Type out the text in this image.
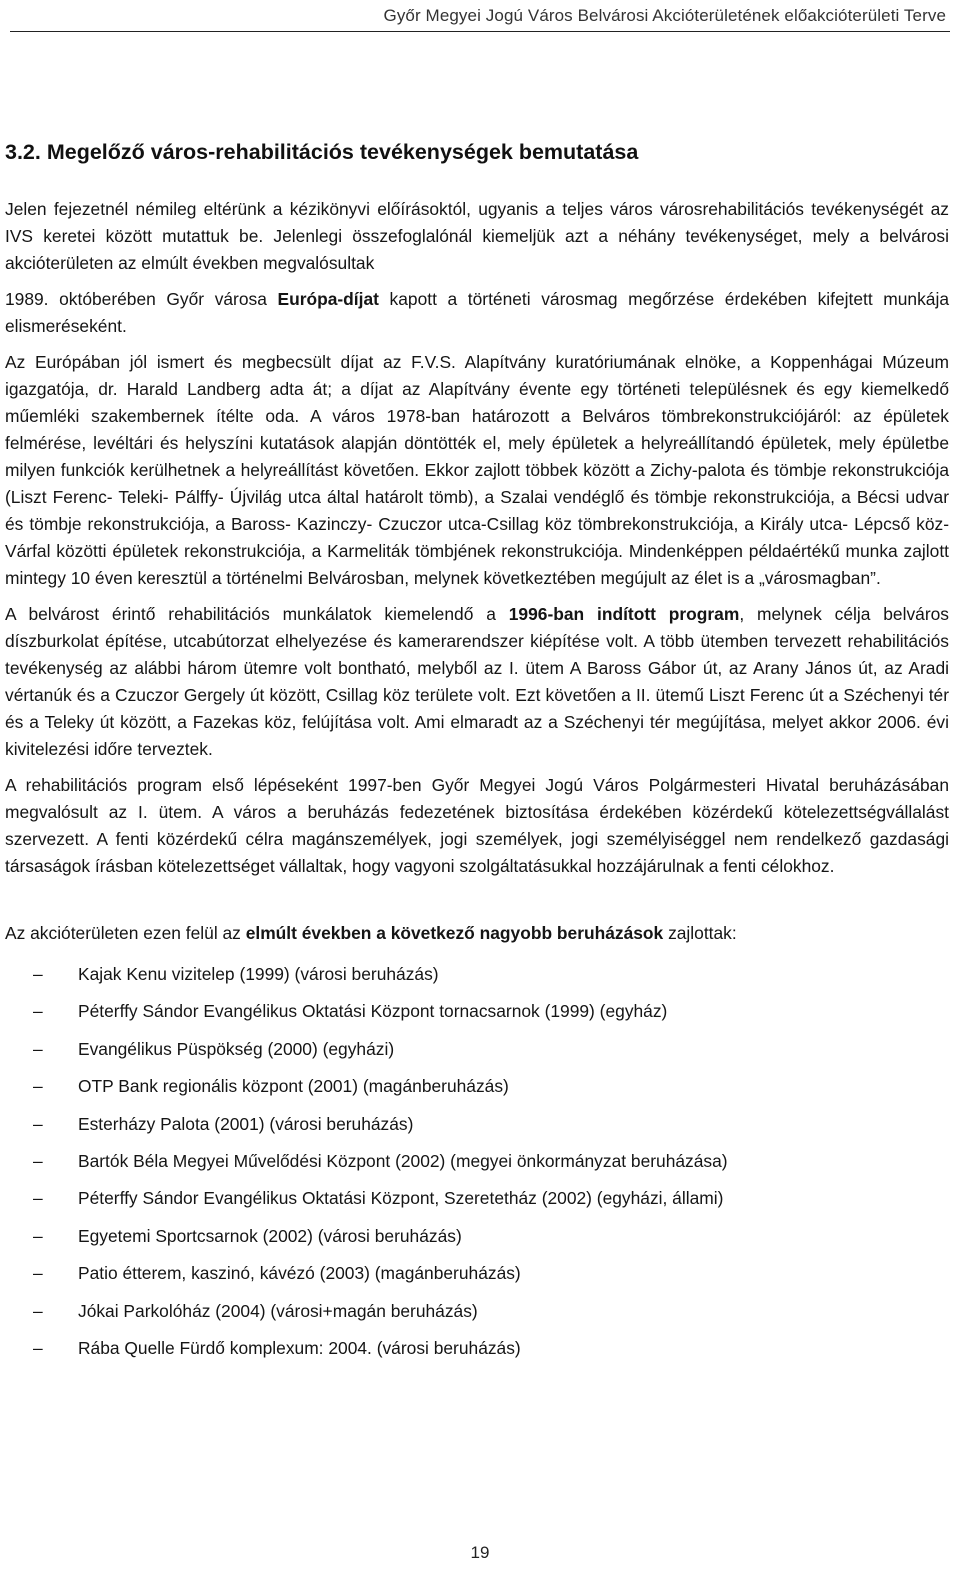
Győr Megyei Jogú Város Belvárosi Akcióterületének előakcióterületi Terve
3.2. Megelőző város-rehabilitációs tevékenységek bemutatása

Jelen fejezetnél némileg eltérünk a kézikönyvi előírásoktól, ugyanis a teljes város városrehabilitációs tevékenységét az IVS keretei között mutattuk be. Jelenlegi összefoglalónál kiemeljük azt a néhány tevékenységet, mely a belvárosi akcióterületen az elmúlt években megvalósultak

1989. októberében Győr városa Európa-díjat kapott a történeti városmag megőrzése érdekében kifejtett munkája elismeréseként.

Az Európában jól ismert és megbecsült díjat az F.V.S. Alapítvány kuratóriumának elnöke, a Koppenhágai Múzeum igazgatója, dr. Harald Landberg adta át; a díjat az Alapítvány évente egy történeti településnek és egy kiemelkedő műemléki szakembernek ítélte oda. A város 1978-ban határozott a Belváros tömbrekonstrukciójáról: az épületek felmérése, levéltári és helyszíni kutatások alapján döntötték el, mely épületek a helyreállítandó épületek, mely épületbe milyen funkciók kerülhetnek a helyreállítást követően. Ekkor zajlott többek között a Zichy-palota és tömbje rekonstrukciója (Liszt Ferenc- Teleki- Pálffy- Újvilág utca által határolt tömb), a Szalai vendéglő és tömbje rekonstrukciója, a Bécsi udvar és tömbje rekonstrukciója, a Baross- Kazinczy- Czuczor utca-Csillag köz tömbrekonstrukciója, a Király utca- Lépcső köz- Várfal közötti épületek rekonstrukciója, a Karmeliták tömbjének rekonstrukciója. Mindenképpen példaértékű munka zajlott mintegy 10 éven keresztül a történelmi Belvárosban, melynek következtében megújult az élet is a „városmagban”.

A belvárost érintő rehabilitációs munkálatok kiemelendő a 1996-ban indított program, melynek célja belváros díszburkolat építése, utcabútorzat elhelyezése és kamerarendszer kiépítése volt. A több ütemben tervezett rehabilitációs tevékenység az alábbi három ütemre volt bontható, melyből az I. ütem A Baross Gábor út, az Arany János út, az Aradi vértanúk és a Czuczor Gergely út között, Csillag köz területe volt. Ezt követően a II. ütemű Liszt Ferenc út a Széchenyi tér és a Teleky út között, a Fazekas köz, felújítása volt. Ami elmaradt az a Széchenyi tér megújítása, melyet akkor 2006. évi kivitelezési időre terveztek.

A rehabilitációs program első lépéseként 1997-ben Győr Megyei Jogú Város Polgármesteri Hivatal beruházásában megvalósult az I. ütem. A város a beruházás fedezetének biztosítása érdekében közérdekű kötelezettségvállalást szervezett. A fenti közérdekű célra magánszemélyek, jogi személyek, jogi személyiséggel nem rendelkező gazdasági társaságok írásban kötelezettséget vállaltak, hogy vagyoni szolgáltatásukkal hozzájárulnak a fenti célokhoz.

Az akcióterületen ezen felül az elmúlt években a következő nagyobb beruházások zajlottak:

– Kajak Kenu vizitelep (1999) (városi beruházás)
– Péterffy Sándor Evangélikus Oktatási Központ tornacsarnok (1999) (egyház)
– Evangélikus Püspökség (2000) (egyházi)
– OTP Bank regionális központ (2001) (magánberuházás)
– Esterházy Palota (2001) (városi beruházás)
– Bartók Béla Megyei Művelődési Központ (2002) (megyei önkormányzat beruházása)
– Péterffy Sándor Evangélikus Oktatási Központ, Szeretetház (2002) (egyházi, állami)
– Egyetemi Sportcsarnok (2002) (városi beruházás)
– Patio étterem, kaszinó, kávézó (2003) (magánberuházás)
– Jókai Parkolóház (2004) (városi+magán beruházás)
– Rába Quelle Fürdő komplexum: 2004. (városi beruházás)
19
